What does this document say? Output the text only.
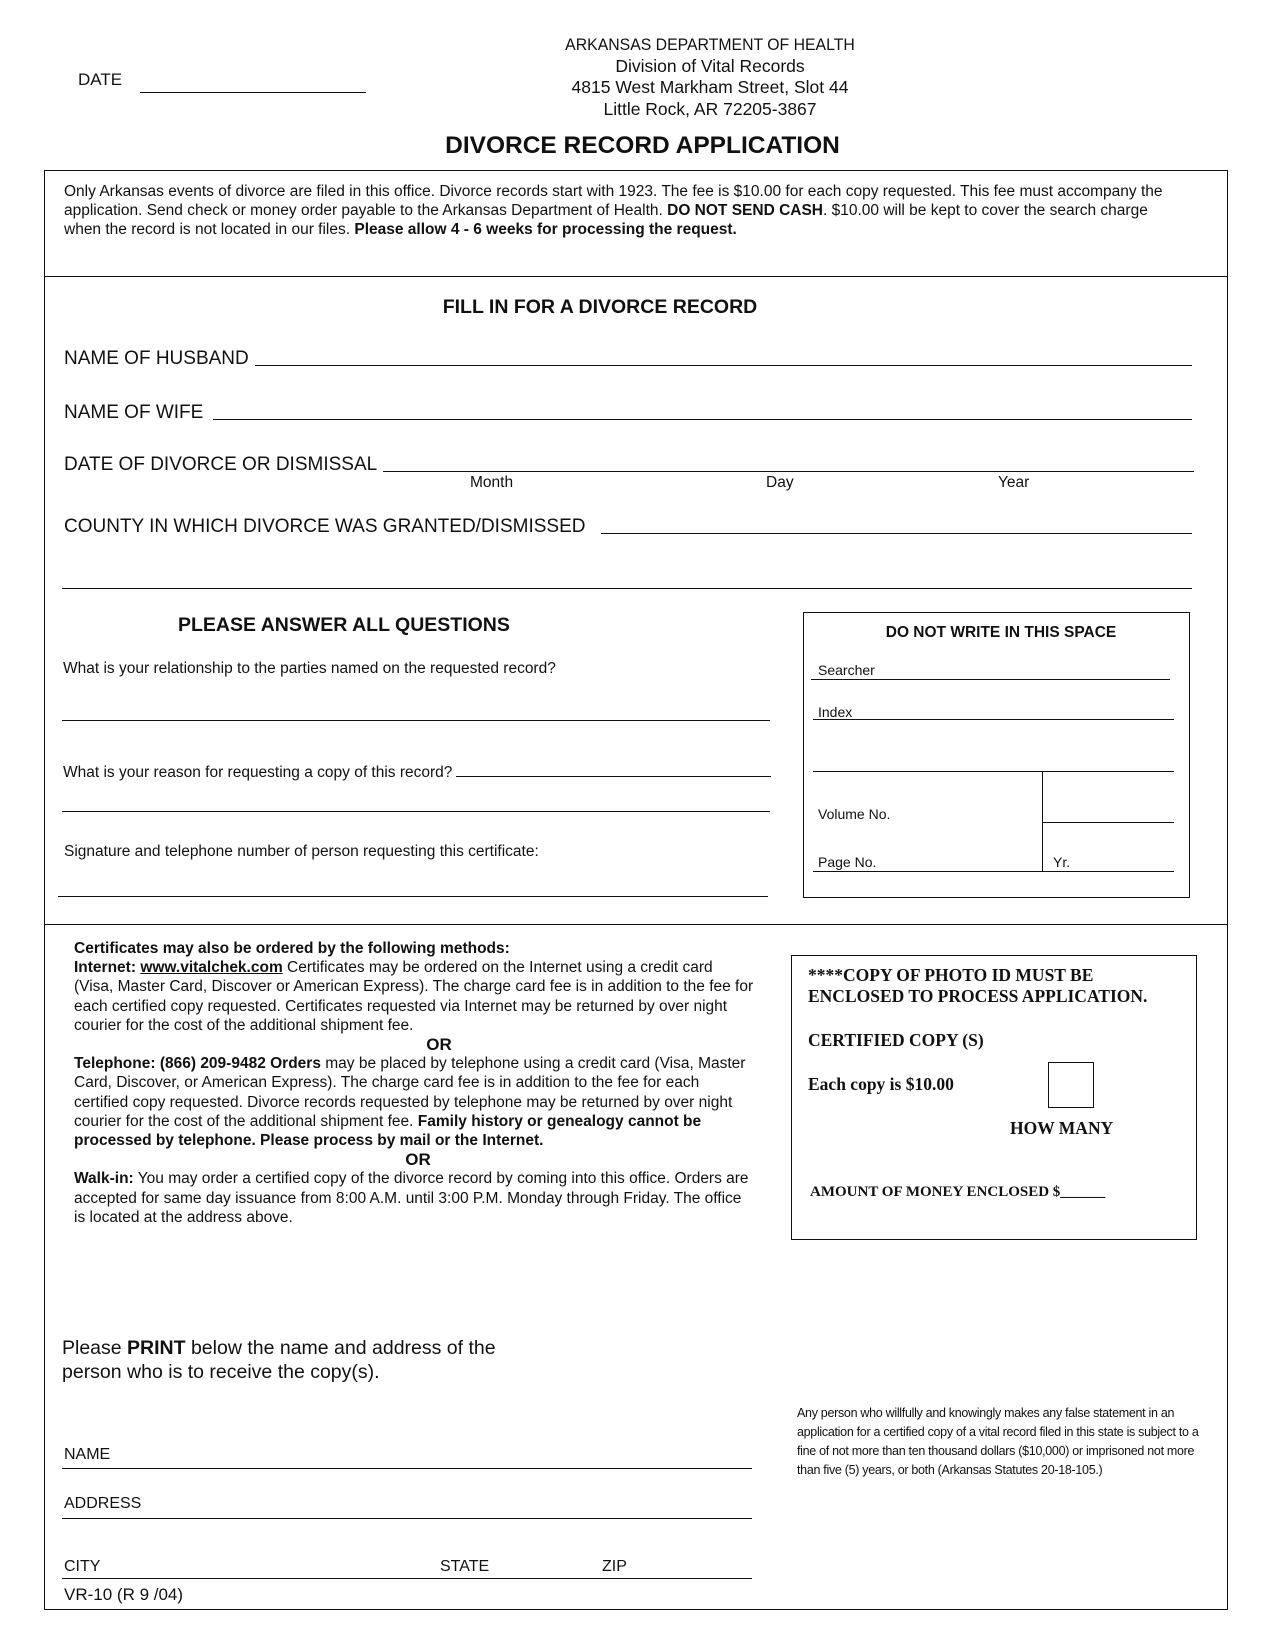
DATE
ARKANSAS DEPARTMENT OF HEALTH
Division of Vital Records
4815 West Markham Street, Slot 44
Little Rock, AR 72205-3867
DIVORCE RECORD APPLICATION
Only Arkansas events of divorce are filed in this office. Divorce records start with 1923. The fee is $10.00 for each copy requested. This fee must accompany the application. Send check or money order payable to the Arkansas Department of Health. DO NOT SEND CASH. $10.00 will be kept to cover the search charge when the record is not located in our files. Please allow 4 - 6 weeks for processing the request.
FILL IN FOR A DIVORCE RECORD
NAME OF HUSBAND
NAME OF WIFE
DATE OF DIVORCE OR DISMISSAL
Month	Day	Year
COUNTY IN WHICH DIVORCE WAS GRANTED/DISMISSED
PLEASE ANSWER ALL QUESTIONS
What is your relationship to the parties named on the requested record?
What is your reason for requesting a copy of this record?
Signature and telephone number of person requesting this certificate:
DO NOT WRITE IN THIS SPACE
Searcher
Index
Volume No.
Page No.	Yr.
Certificates may also be ordered by the following methods:
Internet: www.vitalchek.com Certificates may be ordered on the Internet using a credit card (Visa, Master Card, Discover or American Express). The charge card fee is in addition to the fee for each certified copy requested. Certificates requested via Internet may be returned by over night courier for the cost of the additional shipment fee.
OR
Telephone: (866) 209-9482 Orders may be placed by telephone using a credit card (Visa, Master Card, Discover, or American Express). The charge card fee is in addition to the fee for each certified copy requested. Divorce records requested by telephone may be returned by over night courier for the cost of the additional shipment fee. Family history or genealogy cannot be processed by telephone. Please process by mail or the Internet.
OR
Walk-in: You may order a certified copy of the divorce record by coming into this office. Orders are accepted for same day issuance from 8:00 A.M. until 3:00 P.M. Monday through Friday. The office is located at the address above.
****COPY OF PHOTO ID MUST BE
ENCLOSED TO PROCESS APPLICATION.
CERTIFIED COPY (S)
Each copy is $10.00
HOW MANY
AMOUNT OF MONEY ENCLOSED $______
Please PRINT below the name and address of the
person who is to receive the copy(s).
NAME
ADDRESS
CITY	STATE	ZIP
Any person who willfully and knowingly makes any false statement in an application for a certified copy of a vital record filed in this state is subject to a fine of not more than ten thousand dollars ($10,000) or imprisoned not more than five (5) years, or both (Arkansas Statutes 20-18-105.)
VR-10 (R 9 /04)
